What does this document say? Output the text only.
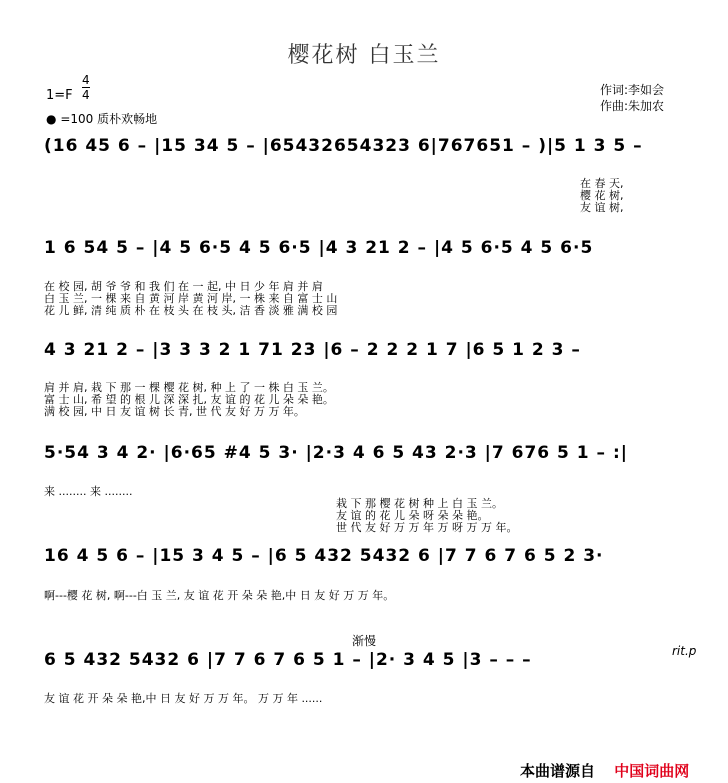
樱花树 白玉兰
1=F
4
4
● =100 质朴欢畅地
作词:李如会
作曲:朱加农
(16 45 6 – |15 34 5 – |65432654323 6|767651 – )|5 1 3 5 –
在 春 天,
樱 花 树,
友 谊 树,
1 6 54 5 – |4 5 6·5 4 5 6·5 |4 3 21 2 – |4 5 6·5 4 5 6·5
在 校 园, 胡 爷 爷 和 我 们 在 一 起, 中 日 少 年 肩 并 肩
白 玉 兰, 一 棵 来 自 黄 河 岸 黄 河 岸, 一 株 来 自 富 士 山
花 儿 鲜, 清 纯 质 朴 在 枝 头 在 枝 头, 洁 香 淡 雅 满 校 园
4 3 21 2 – |3 3 3 2 1 71 23 |6 – 2 2 2 1 7 |6 5 1 2 3 –
肩 并 肩, 栽 下 那 一 棵 樱 花 树, 种 上 了 一 株 白 玉 兰。
富 士 山, 希 望 的 根 儿 深 深 扎, 友 谊 的 花 儿 朵 朵 艳。
满 校 园, 中 日 友 谊 树 长 青, 世 代 友 好 万 万 年。
5·54 3 4 2· |6·65 #4 5 3· |2·3 4 6 5 43 2·3 |7 676 5 1 – :|
来 ........ 来 ........
栽 下 那 樱 花 树 种 上 白 玉 兰。
友 谊 的 花 儿 朵 呀 朵 朵 艳。
世 代 友 好 万 万 年 万 呀 万 万 年。
16 4 5 6 – |15 3 4 5 – |6 5 432 5432 6 |7 7 6 7 6 5 2 3·
啊---樱 花 树, 啊---白 玉 兰, 友 谊 花 开 朵 朵 艳,中 日 友 好 万 万 年。
渐慢
6 5 432 5432 6 |7 7 6 7 6 5 1 – |2· 3 4 5 |3 – – –	rit.p
友 谊 花 开 朵 朵 艳,中 日 友 好 万 万 年。 万 万 年 ......
本曲谱源自 中国词曲网
